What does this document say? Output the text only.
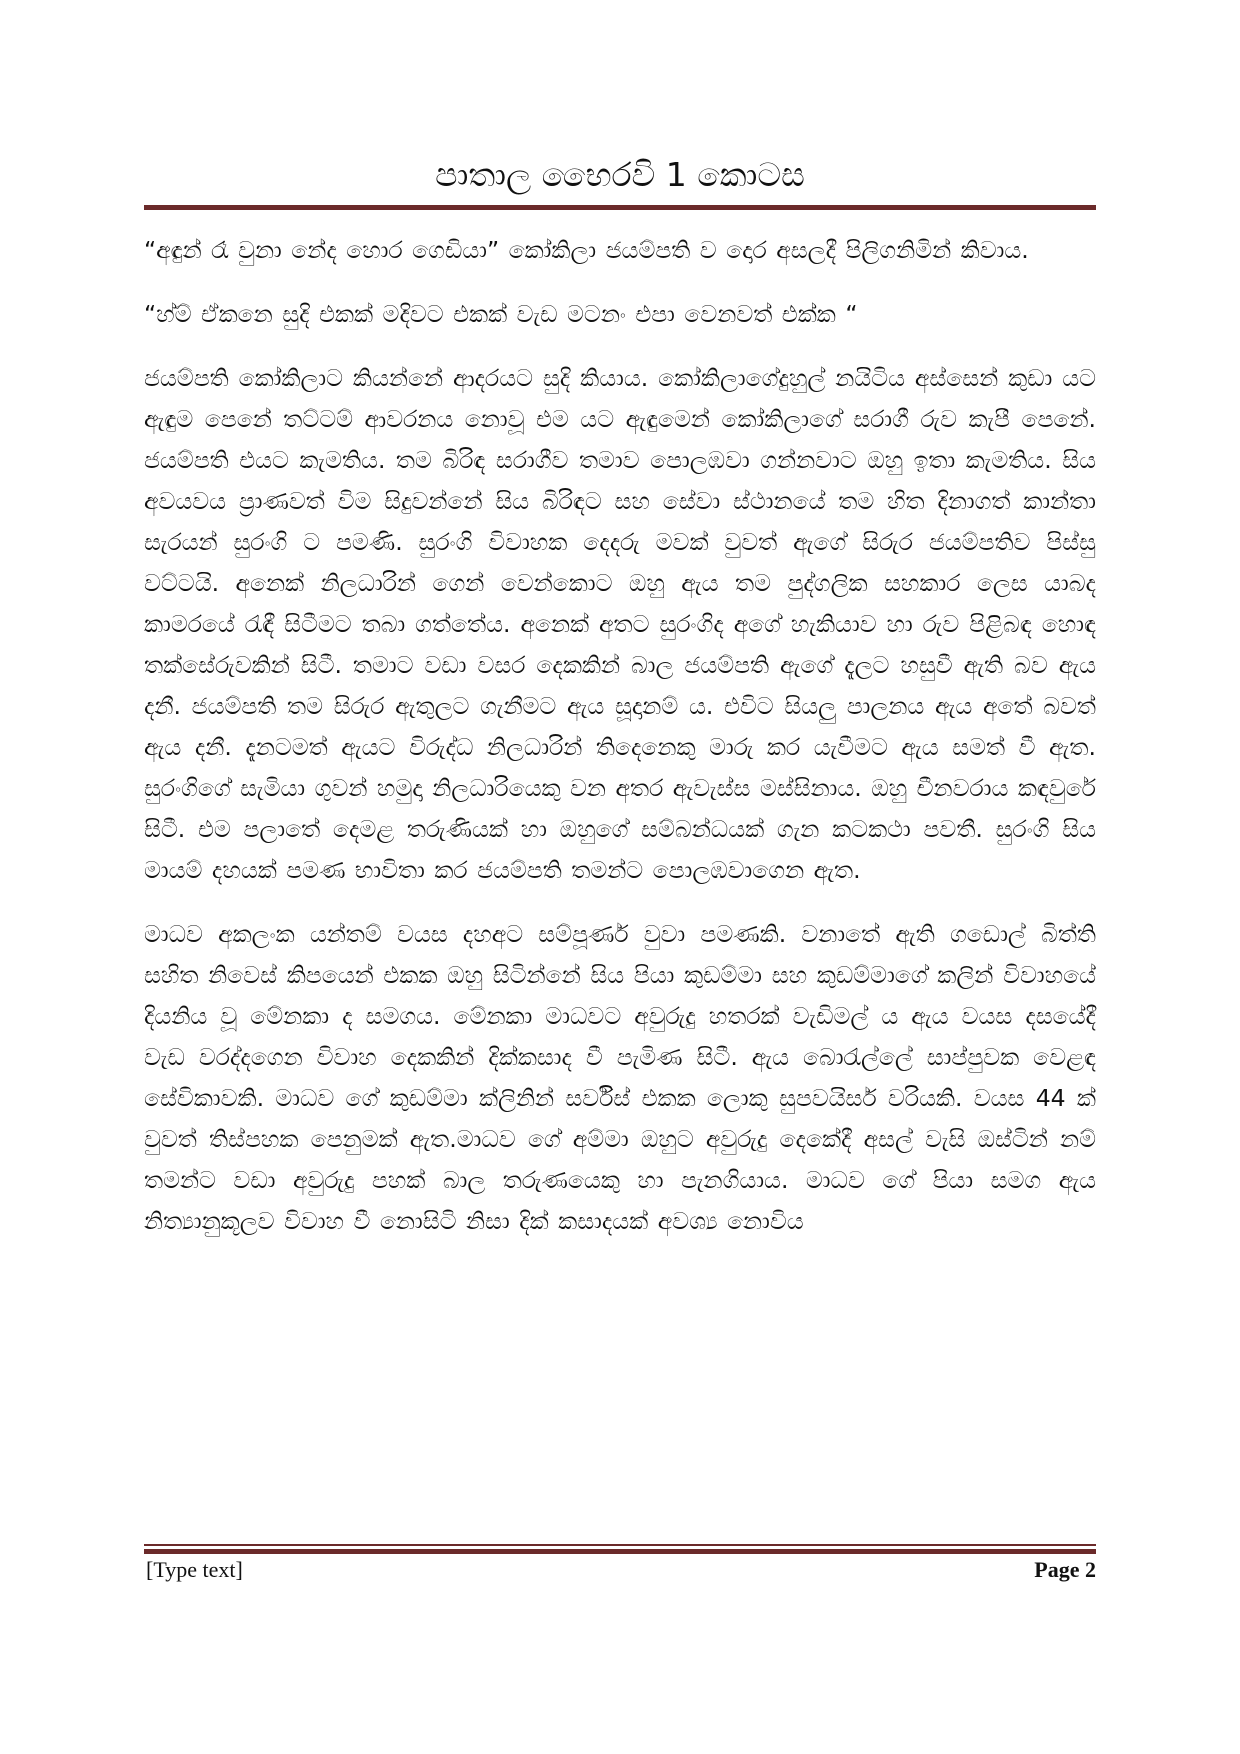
පාතාල භෛරවි 1 කොටස

“අඳුන් රෑ වුනා නේද හොර ගෙඩියා” කෝකිලා ජයම්පති ව දොර අසලදී පිලිගනිමින් කිවාය.

“හ්ම් ඒකනෙ සුදි එකක් මදිවට එකක් වැඩ මටනං එපා වෙනවත් එක්ක “

ජයම්පති කෝකිලාට කියන්නේ ආදරයට සුදි කියාය. කෝකිලාගේදුහුල් නයිටිය අස්සෙන් කුඩා යට ඇඳුම පෙනේ තට්ටම් ආවරනය නොවූ එම යට ඇඳුමෙන් කෝකිලාගේ සරාගී රුව කැපී පෙනේ. ජයම්පති එයට කැමතිය. තම බිරිඳ සරාගීව තමාව පොලඹවා ගන්නවාට ඔහු ඉතා කැමතිය. සිය අවයවය ප්‍රාණවත් විම සිදුවන්නේ සිය බිරිඳට සහ සේවා ස්ථානයේ තම හිත දිනාගත් කාන්තා සැරයන් සුරංගි ට පමණි. සුරංගි විවාහක දෙදරු මවක් වුවත් ඇගේ සිරුර ජයම්පතිව පිස්සු වට්ටයි. අනෙක් නිලධාරින් ගෙන් වෙන්කොට ඔහු ඇය තම පුද්ගලික සහකාර ලෙස යාබද කාමරයේ රැඳී සිටීමට තබා ගත්තේය. අනෙක් අතට සුරංගිද අගේ හැකියාව හා රුව පිළිබඳ හොඳ තක්සේරුවකින් සිටී. තමාට වඩා වසර දෙකකින් බාල ජයම්පති ඇගේ දැලට හසුවී ඇති බව ඇය දනී. ජයම්පති තම සිරුර ඇතුලට ගැනීමට ඇය සූදානම් ය. එවිට සියලු පාලනය ඇය අතේ බවත් ඇය දනී. දැනටමත් ඇයට විරුද්ධ නිලධාරින් තිදෙනෙකු මාරු කර යැවීමට ඇය සමත් වී ඇත. සුරංගිගේ සැමියා ගුවන් හමුදා නිලධාරියෙකු වන අතර ඇවැස්ස මස්සිනාය. ඔහු චීනවරාය කඳවුරේ සිටී. එම පලාතේ දෙමළ තරුණියක් හා ඔහුගේ සම්බන්ධයක් ගැන කටකථා පවතී. සුරංගි සිය මායම් දහයක් පමණ භාවිතා කර ජයම්පති තමන්ට පොලඹවාගෙන ඇත.

මාධව අකලංක යන්තම් වයස දහඅට සම්පූර්ණ වුවා පමණකි. වනාතේ ඇති ගඩොල් බිත්ති සහිත නිවෙස් කිපයෙන් එකක ඔහු සිටින්නේ සිය පියා කුඩම්මා සහ කුඩම්මාගේ කලින් විවාහයේ දියනිය වූ මේනකා ද සමගය. මේනකා මාධවට අවුරුදු හතරක් වැඩිමල් ය ඇය වයස දසයේදී වැඩ වරද්දගෙන විවාහ දෙකකින් දික්කසාද වී පැමිණ සිටී. ඇය බොරැල්ලේ සාප්පුවක වෙළඳ සේවිකාවකි. මාධව ගේ කුඩම්මා ක්ලිනින් සර්විස් එකක ලොකු සුපවයිසර් වරියකි. වයස 44 ක් වුවත් තිස්පහක පෙනුමක් ඇත.මාධව ගේ අම්මා ඔහුට අවුරුදු දෙකේදී අසල් වැසි ඔස්ටින් නම් තමන්ට වඩා අවුරුදු පහක් බාල තරුණයෙකු හා පැනගියාය. මාධව ගේ පියා සමග ඇය නිත්‍යානුකූලව විවාහ වී නොසිටි නිසා දික් කසාදයක් අවශ්‍ය නොවිය

[Type text]	Page 2
